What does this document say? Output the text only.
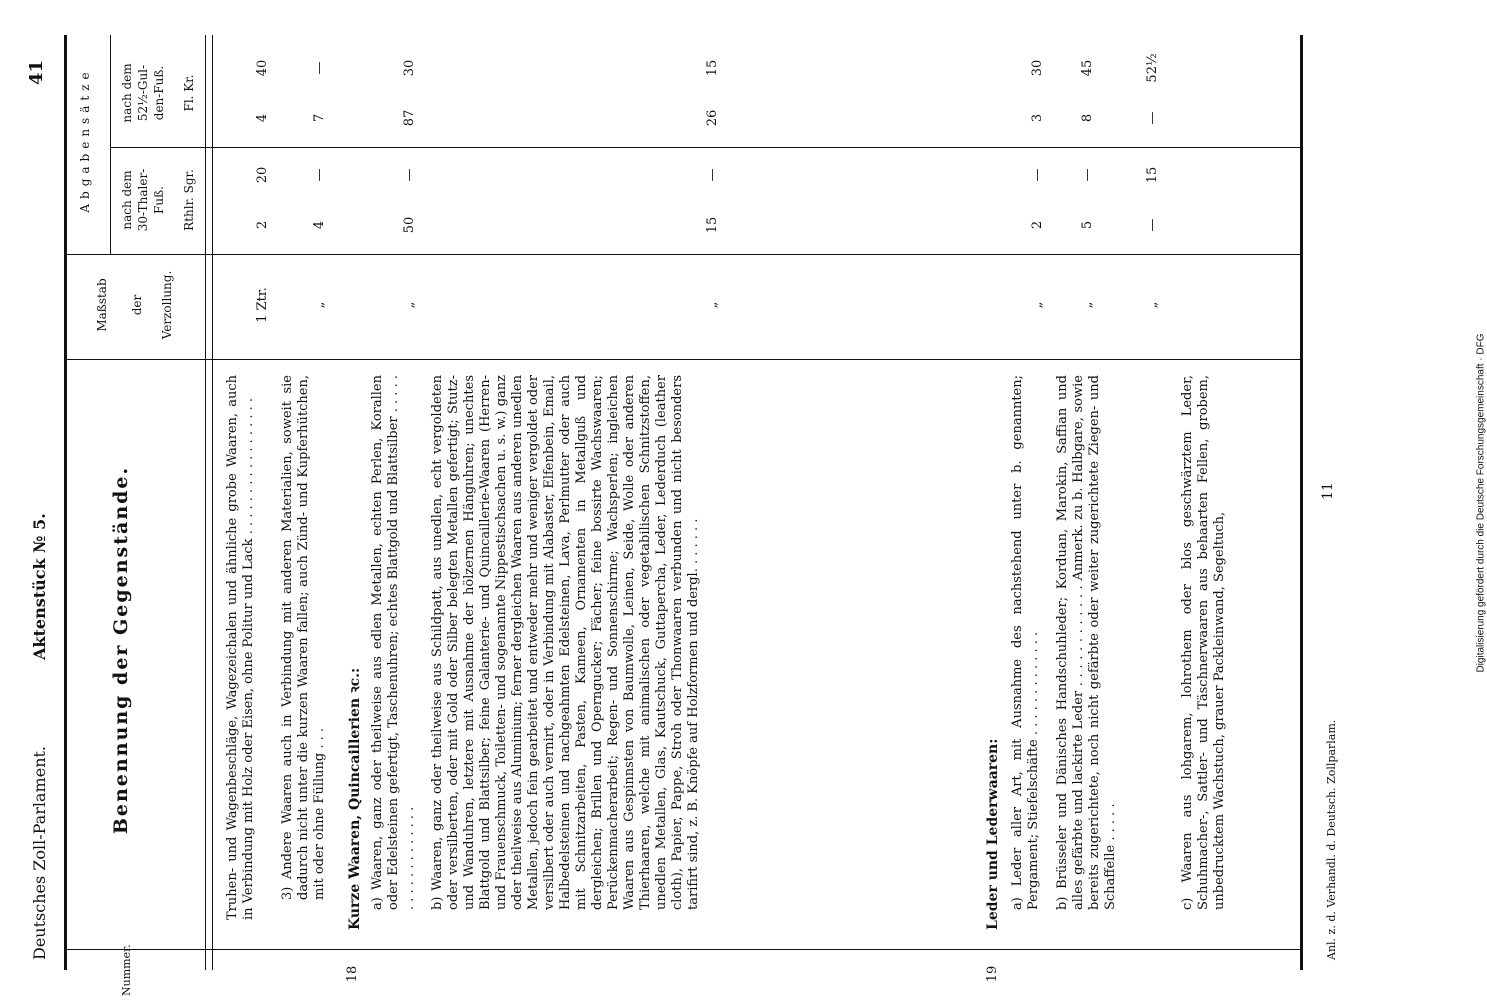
Digitalisierung gefördert durch die Deutsche Forschungsgemeinschaft · DFG
Deutsches Zoll-Parlament.
Aktenstück № 5.
41
Nummer.
Benennung der Gegenstände.
Maßstab der Verzollung.
Abgabensätze nach dem 30-Thaler- Fuß. Rthlr. Sgr.
nach dem 52½-Gul- den-Fuß. Fl. Kr.
Truhen- und Wagenbeschläge, Wagezeichalen und ähnliche grobe Waaren, auch in Verbindung mit Holz oder Eisen, ohne Politur und Lack . . . . . . . . . . . . . . . . .
1 Ztr.
2
20
4
40
3) Andere Waaren auch in Verbindung mit anderen Materialien, soweit sie dadurch nicht unter die kurzen Waaren fallen; auch Zünd- und Kupferhütchen, mit oder ohne Füllung . . .
„
4
—
7
—
18
Kurze Waaren, Quincaillerien ꝛc.: a) Waaren, ganz oder theilweise aus edlen Metallen, echten Perlen, Korallen oder Edelsteinen gefertigt, Taschenuhren; echtes Blattgold und Blattsilber . . . . . . . . . . . . . . . . . .
„
50
—
87
30
b) Waaren, ganz oder theilweise aus Schildpatt, aus unedlen, echt vergoldeten oder versilberten, oder mit Gold oder Silber belegten Metallen gefertigt; Stutz- und Wanduhren, letztere mit Ausnahme der hölzernen Hänguhren; unechtes Blattgold und Blattsilber; feine Galanterie- und Quincaillerie-Waaren (Herren- und Frauenschmuck, Toiletten- und sogenannte Nippestischsachen u. s. w.) ganz oder theilweise aus Aluminium; ferner dergleichen Waaren aus anderen unedlen Metallen, jedoch fein gearbeitet und entweder mehr und weniger vergoldet oder versilbert oder auch vernirt, oder in Verbindung mit Alabaster, Elfenbein, Email, Halbedelsteinen und nachgeahmten Edelsteinen, Lava, Perlmutter oder auch mit Schnitzarbeiten, Pasten, Kameen, Ornamenten in Metallguß und dergleichen; Brillen und Operngucker; Fächer; feine bossirte Wachswaaren; Perückenmacherarbeit; Regen- und Sonnenschirme; Wachsperlen; ingleichen Waaren aus Gespinnsten von Baumwolle, Leinen, Seide, Wolle oder anderen Thierhaaren, welche mit animalischen oder vegetabilischen Schnitzstoffen, unedlen Metallen, Glas, Kautschuck, Guttapercha, Leder, Lederduch (leather cloth), Papier, Pappe, Stroh oder Thonwaaren verbunden und nicht besonders tarifirt sind, z. B. Knöpfe auf Holzformen und dergl. . . . . . .
„
15
—
26
15
19
Leder und Lederwaaren: a) Leder aller Art, mit Ausnahme des nachstehend unter b. genannten; Pergament; Stiefelschäfte . . . . . . . . . . . . .
„
2
—
3
30
b) Brüsseler und Dänisches Handschuhleder; Korduan, Marokin, Saffian und alles gefärbte und lackirte Leder . . . . . . . . . . . . Anmerk. zu b. Halbgare, sowie bereits zugerichtete, noch nicht gefärbte oder weiter zugerichtete Ziegen- und Schaffelle . . . . .
„
5
—
8
45
„
—
15
—
52½
c) Waaren aus lohgarem, lohrothem oder blos geschwärztem Leder, Schuhmacher-, Sattler- und Täschnerwaaren aus behaarten Fellen, grobem, unbedrucktem Wachstuch, grauer Packleinwand, Segeltuch,	Anl. z. d. Verhandl. d. Deutsch. Zollparlam.
11
